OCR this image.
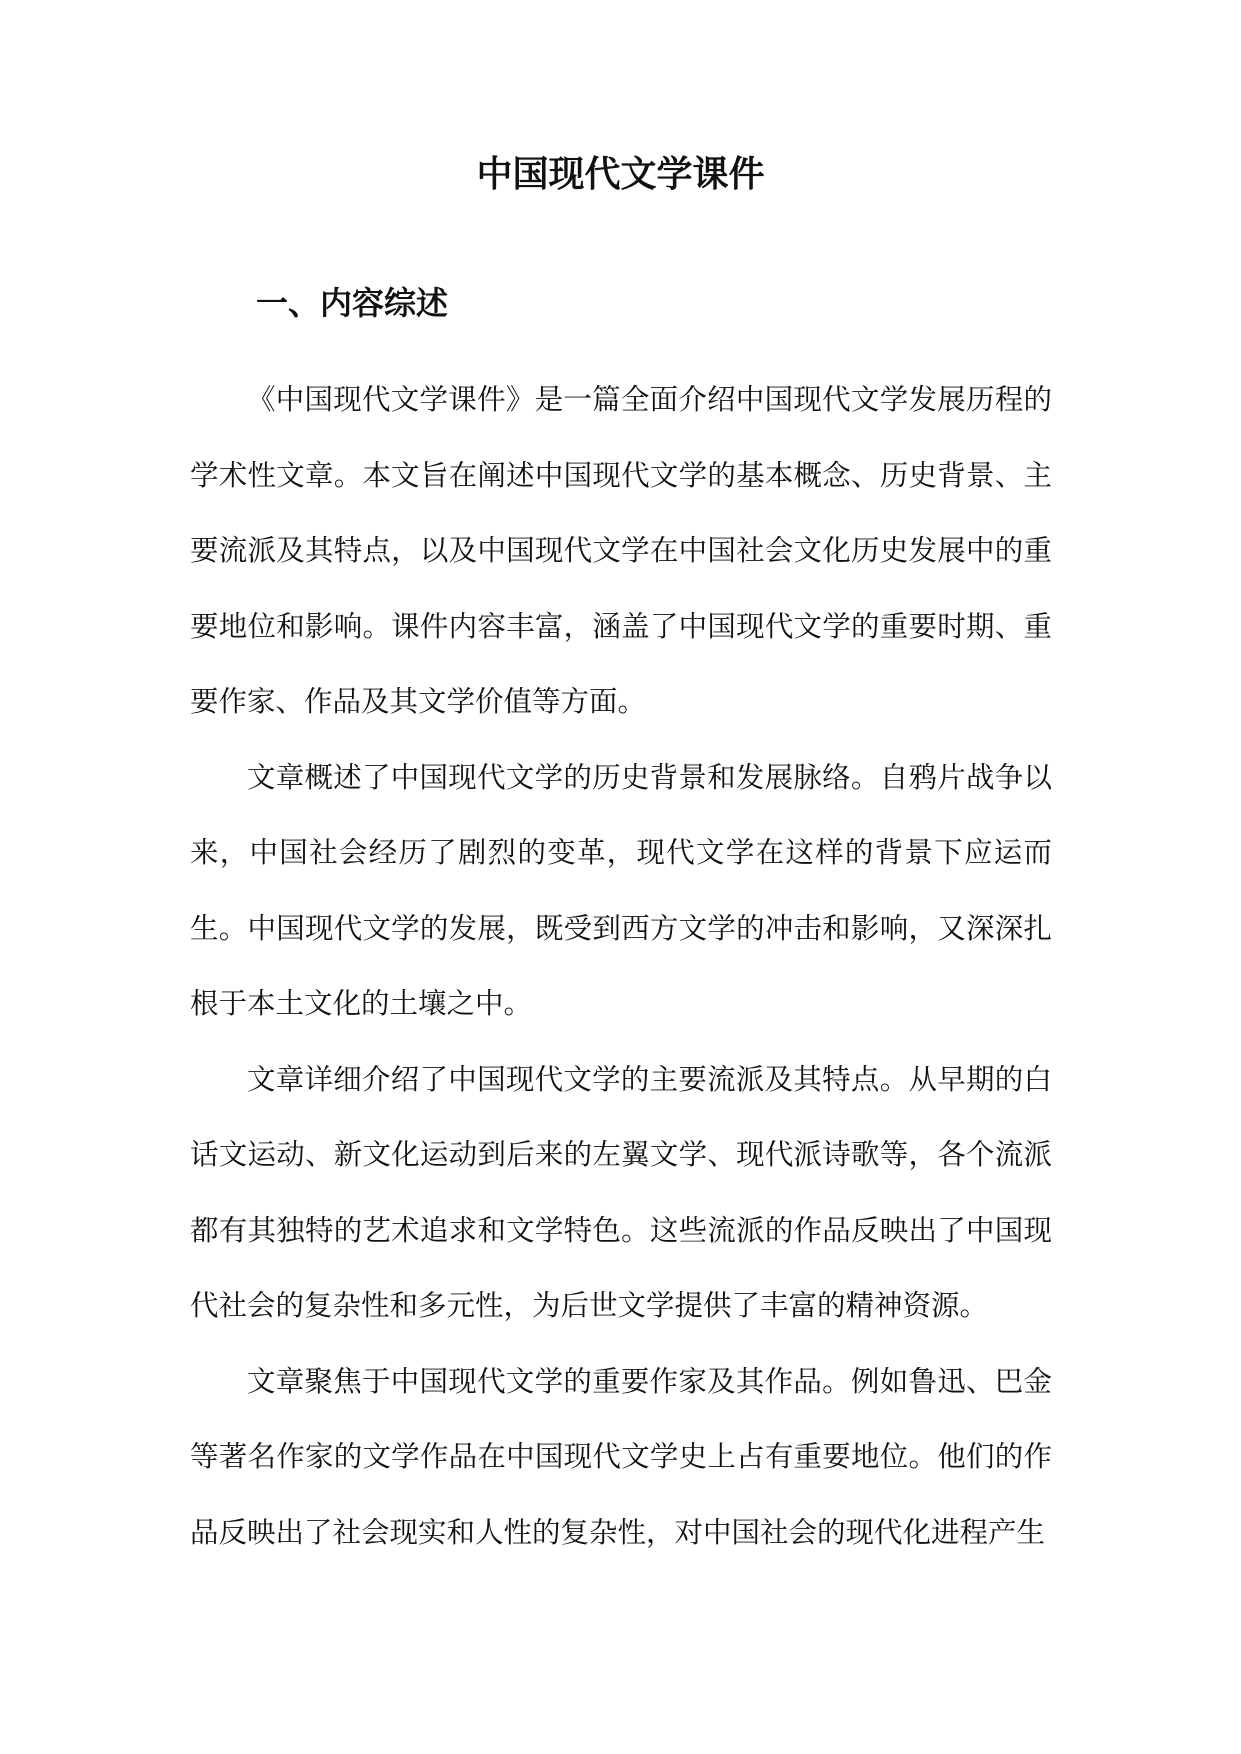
中国现代文学课件
一、内容综述

《中国现代文学课件》是一篇全面介绍中国现代文学发展历程的学术性文章。本文旨在阐述中国现代文学的基本概念、历史背景、主要流派及其特点，以及中国现代文学在中国社会文化历史发展中的重要地位和影响。课件内容丰富，涵盖了中国现代文学的重要时期、重要作家、作品及其文学价值等方面。

文章概述了中国现代文学的历史背景和发展脉络。自鸦片战争以来，中国社会经历了剧烈的变革，现代文学在这样的背景下应运而生。中国现代文学的发展，既受到西方文学的冲击和影响，又深深扎根于本土文化的土壤之中。

文章详细介绍了中国现代文学的主要流派及其特点。从早期的白话文运动、新文化运动到后来的左翼文学、现代派诗歌等，各个流派都有其独特的艺术追求和文学特色。这些流派的作品反映出了中国现代社会的复杂性和多元性，为后世文学提供了丰富的精神资源。

文章聚焦于中国现代文学的重要作家及其作品。例如鲁迅、巴金等著名作家的文学作品在中国现代文学史上占有重要地位。他们的作品反映出了社会现实和人性的复杂性，对中国社会的现代化进程产生
